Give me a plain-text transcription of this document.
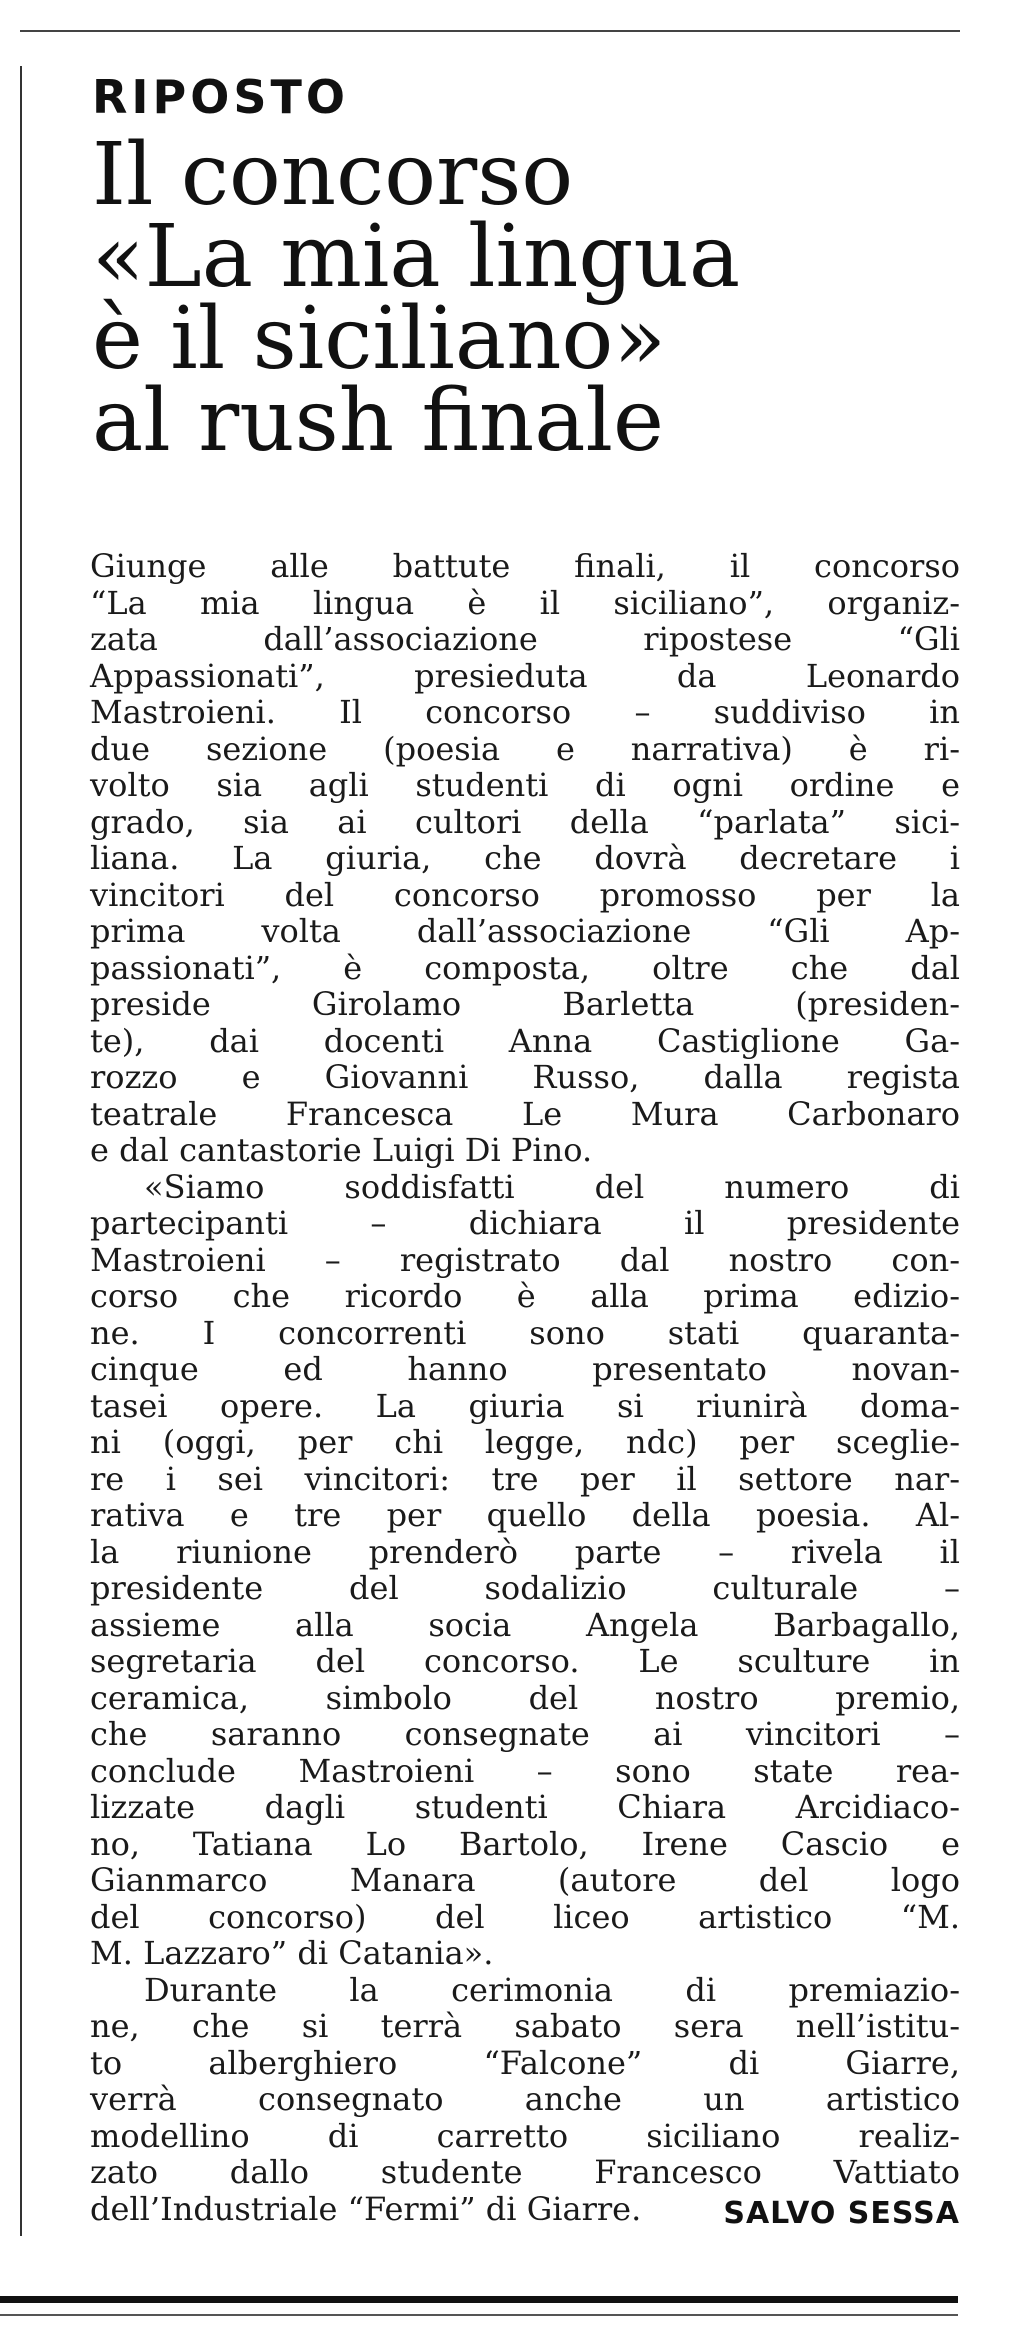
RIPOSTO
Il concorso
«La mia lingua
è il siciliano»
al rush finale
Giunge alle battute finali, il concorso
“La mia lingua è il siciliano”, organiz-
zata dall’associazione ripostese “Gli
Appassionati”, presieduta da Leonardo
Mastroieni. Il concorso – suddiviso in
due sezione (poesia e narrativa) è ri-
volto sia agli studenti di ogni ordine e
grado, sia ai cultori della “parlata” sici-
liana. La giuria, che dovrà decretare i
vincitori del concorso promosso per la
prima volta dall’associazione “Gli Ap-
passionati”, è composta, oltre che dal
preside Girolamo Barletta (presiden-
te), dai docenti Anna Castiglione Ga-
rozzo e Giovanni Russo, dalla regista
teatrale Francesca Le Mura Carbonaro
e dal cantastorie Luigi Di Pino.
«Siamo soddisfatti del numero di
partecipanti – dichiara il presidente
Mastroieni – registrato dal nostro con-
corso che ricordo è alla prima edizio-
ne. I concorrenti sono stati quaranta-
cinque ed hanno presentato novan-
tasei opere. La giuria si riunirà doma-
ni (oggi, per chi legge, ndc) per sceglie-
re i sei vincitori: tre per il settore nar-
rativa e tre per quello della poesia. Al-
la riunione prenderò parte – rivela il
presidente del sodalizio culturale –
assieme alla socia Angela Barbagallo,
segretaria del concorso. Le sculture in
ceramica, simbolo del nostro premio,
che saranno consegnate ai vincitori –
conclude Mastroieni – sono state rea-
lizzate dagli studenti Chiara Arcidiaco-
no, Tatiana Lo Bartolo, Irene Cascio e
Gianmarco Manara (autore del logo
del concorso) del liceo artistico “M.
M. Lazzaro” di Catania».
Durante la cerimonia di premiazio-
ne, che si terrà sabato sera nell’istitu-
to alberghiero “Falcone” di Giarre,
verrà consegnato anche un artistico
modellino di carretto siciliano realiz-
zato dallo studente Francesco Vattiato
dell’Industriale “Fermi” di Giarre.	SALVO SESSA
